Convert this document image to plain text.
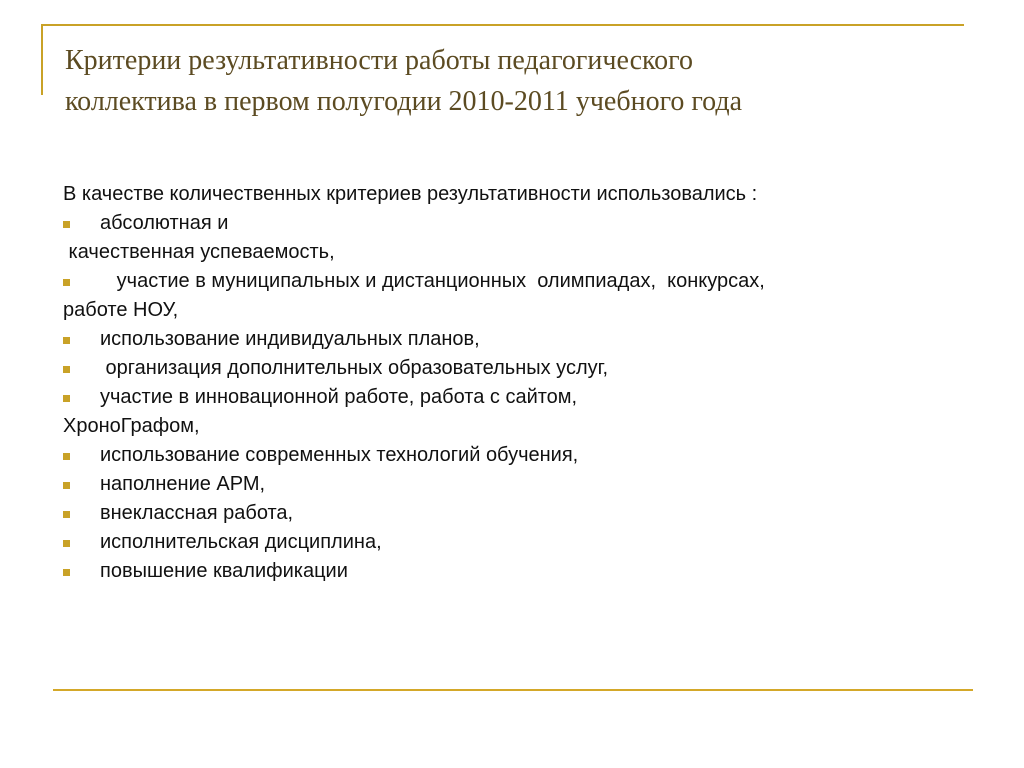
Критерии результативности работы педагогического
коллектива в первом полугодии 2010-2011 учебного года
В качестве количественных критериев результативности использовались :
абсолютная и
качественная успеваемость,
участие в муниципальных и дистанционных  олимпиадах,  конкурсах,
работе НОУ,
использование индивидуальных планов,
организация дополнительных образовательных услуг,
участие в инновационной работе, работа с сайтом,
ХроноГрафом,
использование современных технологий обучения,
наполнение АРМ,
внеклассная работа,
исполнительская дисциплина,
повышение квалификации
